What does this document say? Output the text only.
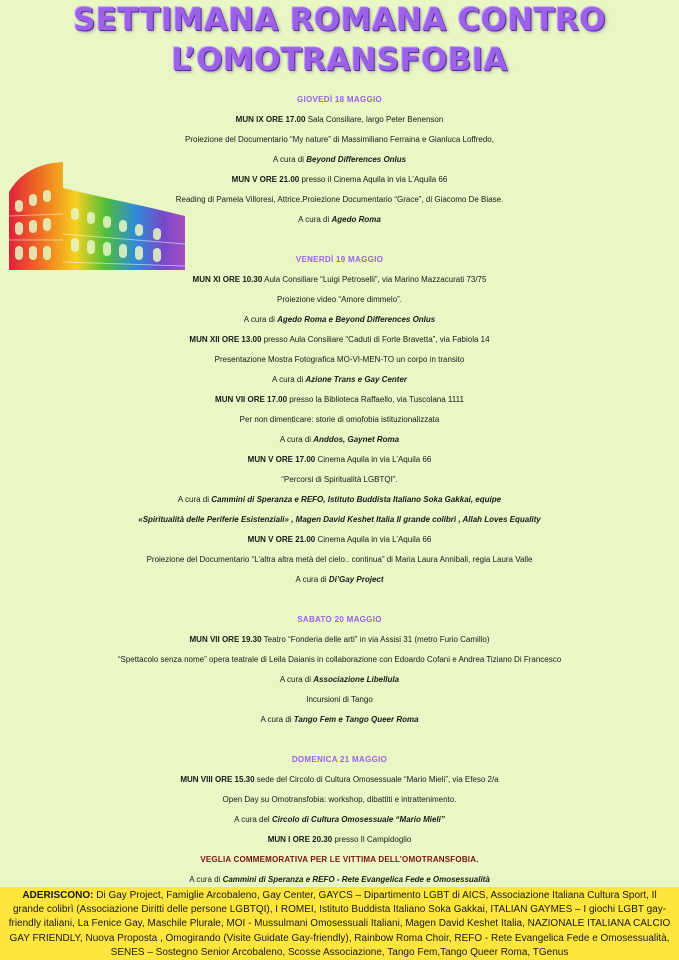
SETTIMANA ROMANA CONTRO
L’OMOTRANSFOBIA
GIOVEDÌ 18 MAGGIO
MUN IX ORE 17.00 Sala Consiliare, largo Peter Benenson
Proiezione del Documentario “My nature” di Massimiliano Ferraina e Gianluca Loffredo,
A cura di Beyond Differences Onlus
MUN V ORE 21.00 presso il Cinema Aquila in via L’Aquila 66
Reading di Pamela Villoresi, Attrice.Proiezione Documentario “Grace”, di Giacomo De Biase.
A cura di Agedo Roma
VENERDÌ 19 MAGGIO
MUN XI ORE 10.30 Aula Consiliare “Luigi Petroselli”, via Marino Mazzacurati 73/75
Proiezione video “Amore dimmelo”.
A cura di Agedo Roma e Beyond Differences Onlus
MUN XII ORE 13.00 presso Aula Consiliare “Caduti di Forte Bravetta”, via Fabiola 14
Presentazione Mostra Fotografica MO-VI-MEN-TO un corpo in transito
A cura di Azione Trans e Gay Center
MUN VII ORE 17.00 presso la Biblioteca Raffaello, via Tuscolana 1111
Per non dimenticare: storie di omofobia istituzionalizzata
A cura di Anddos, Gaynet Roma
MUN V ORE 17.00 Cinema Aquila in via L’Aquila 66
“Percorsi di Spiritualità LGBTQI”.
A cura di Cammini di Speranza e REFO, Istituto Buddista Italiano Soka Gakkai, equipe
«Spiritualità delle Periferie Esistenziali» , Magen David Keshet Italia Il grande colibrì , Allah Loves Equality
MUN V ORE 21.00 Cinema Aquila in via L’Aquila 66
Proiezione del Documentario “L’altra altra metà del cielo.. continua” di Maria Laura Annibali, regia Laura Valle
A cura di Di’Gay Project
SABATO 20 MAGGIO
MUN VII ORE 19.30 Teatro “Fonderia delle arti” in via Assisi 31 (metro Furio Camillo)
“Spettacolo senza nome” opera teatrale di Leila Daianis in collaborazione con Edoardo Cofani e Andrea Tiziano Di Francesco
A cura di Associazione Libellula
Incursioni di Tango
A cura di Tango Fem e Tango Queer Roma
DOMENICA 21 MAGGIO
MUN VIII ORE 15.30 sede del Circolo di Cultura Omosessuale “Mario Mieli”, via Efeso 2/a
Open Day su Omotransfobia: workshop, dibattiti e intrattenimento.
A cura del Circolo di Cultura Omosessuale “Mario Mieli”
MUN I ORE 20.30 presso Il Campidoglio
VEGLIA COMMEMORATIVA PER LE VITTIMA DELL’OMOTRANSFOBIA.
A cura di Cammini di Speranza e REFO - Rete Evangelica Fede e Omosessualità
ADERISCONO: Di Gay Project, Famiglie Arcobaleno, Gay Center, GAYCS – Dipartimento LGBT di AICS, Associazione Italiana Cultura Sport, Il grande colibrì (Associazione Diritti delle persone LGBTQI), I ROMEI, Istituto Buddista Italiano Soka Gakkai, ITALIAN GAYMES – I giochi LGBT gay-friendly italiani, La Fenice Gay, Maschile Plurale, MOI - Mussulmani Omosessuali Italiani, Magen David Keshet Italia, NAZIONALE ITALIANA CALCIO GAY FRIENDLY, Nuova Proposta , Omogirando (Visite Guidate Gay-friendly), Rainbow Roma Choir, REFO - Rete Evangelica Fede e Omosessualità, SENES – Sostegno Senior Arcobaleno, Scosse Associazione, Tango Fem,Tango Queer Roma, TGenus
